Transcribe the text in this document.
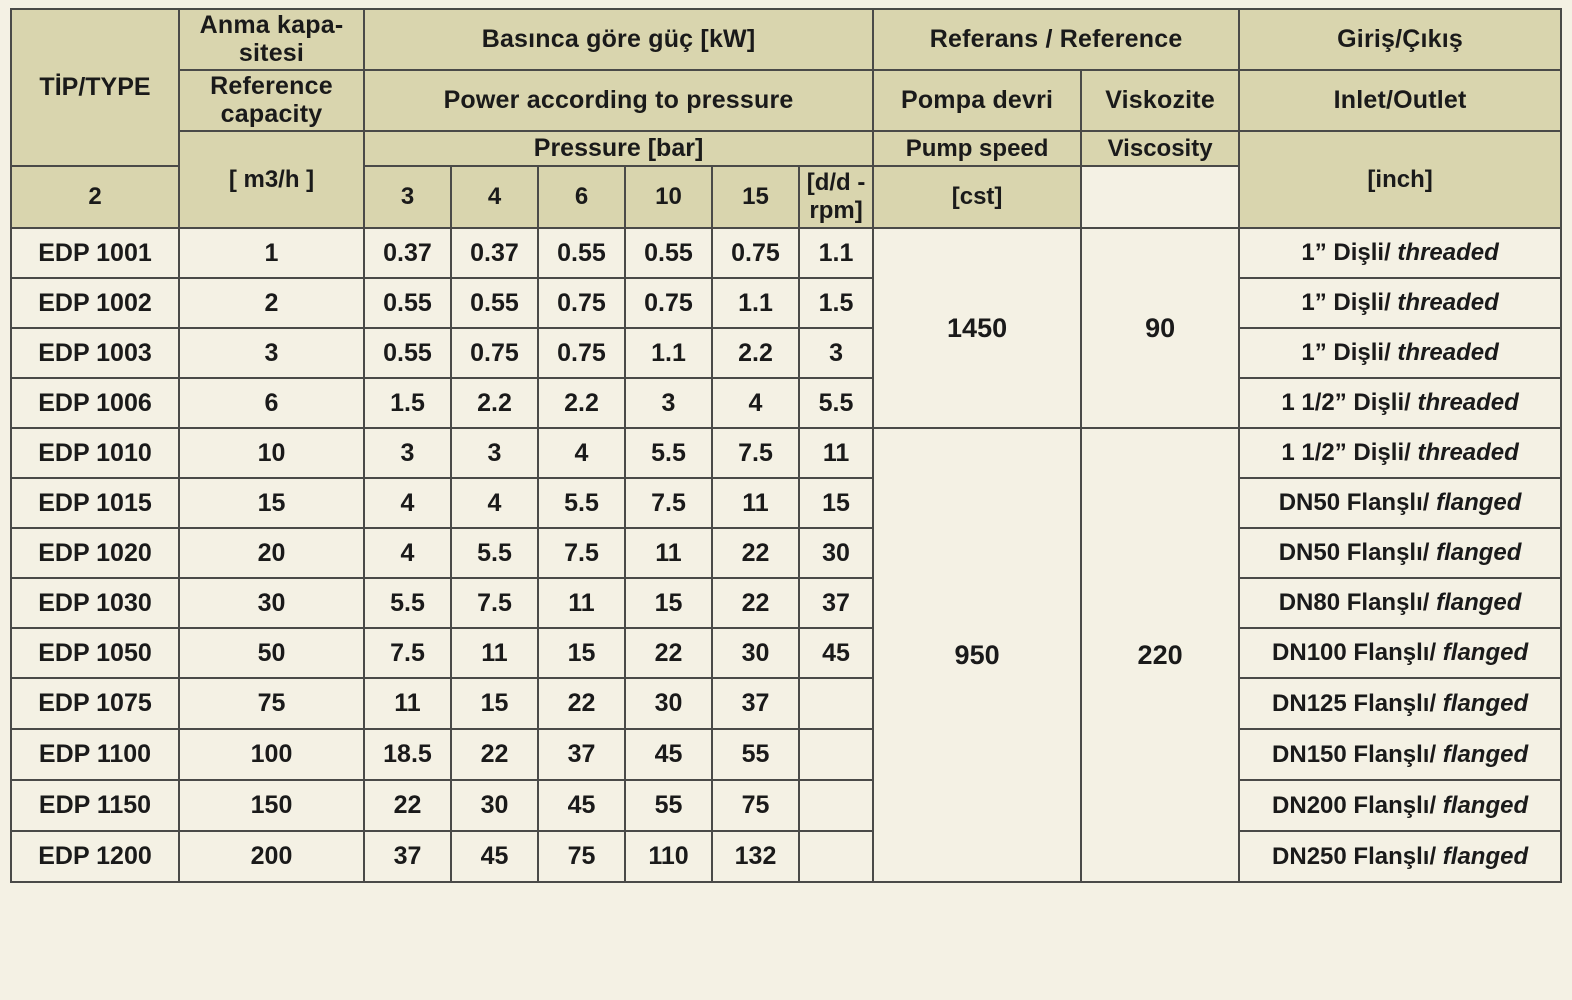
TİP/TYPE	Anma kapa-sitesi	Basınca göre güç [kW]						Referans / Reference		Giriş/Çıkış
	Reference capacity	Power according to pressure						Pompa devri	Viskozite	Inlet/Outlet
	[ m3/h ]	Pressure [bar]						Pump speed	Viscosity	[inch]
2		3	4	6	10	15	[d/d - rpm]	[cst]		
EDP 1001	1	0.37	0.37	0.55	0.55	0.75	1.1	1450	90	1” Dişli/ threaded
EDP 1002	2	0.55	0.55	0.75	0.75	1.1	1.5			1” Dişli/ threaded
EDP 1003	3	0.55	0.75	0.75	1.1	2.2	3			1” Dişli/ threaded
EDP 1006	6	1.5	2.2	2.2	3	4	5.5			1 1/2” Dişli/ threaded
EDP 1010	10	3	3	4	5.5	7.5	11	950	220	1 1/2” Dişli/ threaded
EDP 1015	15	4	4	5.5	7.5	11	15			DN50 Flanşlı/ flanged
EDP 1020	20	4	5.5	7.5	11	22	30			DN50 Flanşlı/ flanged
EDP 1030	30	5.5	7.5	11	15	22	37			DN80 Flanşlı/ flanged
EDP 1050	50	7.5	11	15	22	30	45			DN100 Flanşlı/ flanged
EDP 1075	75	11	15	22	30	37				DN125 Flanşlı/ flanged
EDP 1100	100	18.5	22	37	45	55				DN150 Flanşlı/ flanged
EDP 1150	150	22	30	45	55	75				DN200 Flanşlı/ flanged
EDP 1200	200	37	45	75	110	132				DN250 Flanşlı/ flanged
